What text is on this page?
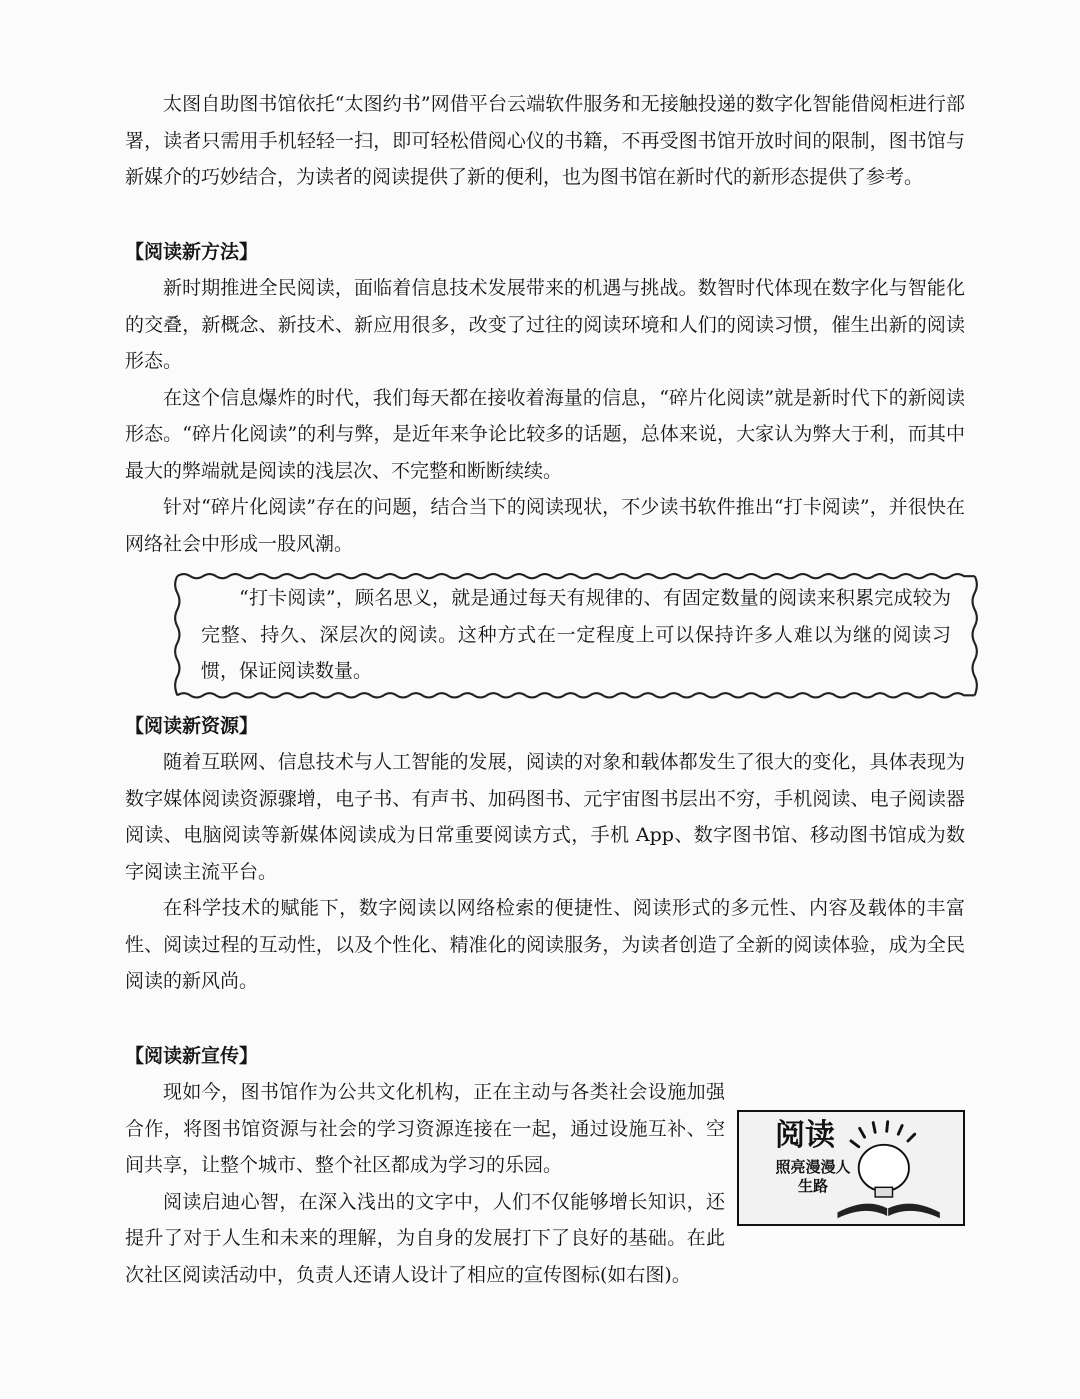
太图自助图书馆依托“太图约书”网借平台云端软件服务和无接触投递的数字化智能借阅柜进行部署，读者只需用手机轻轻一扫，即可轻松借阅心仪的书籍，不再受图书馆开放时间的限制，图书馆与新媒介的巧妙结合，为读者的阅读提供了新的便利，也为图书馆在新时代的新形态提供了参考。

【阅读新方法】

新时期推进全民阅读，面临着信息技术发展带来的机遇与挑战。数智时代体现在数字化与智能化的交叠，新概念、新技术、新应用很多，改变了过往的阅读环境和人们的阅读习惯，催生出新的阅读形态。

在这个信息爆炸的时代，我们每天都在接收着海量的信息，“碎片化阅读”就是新时代下的新阅读形态。“碎片化阅读”的利与弊，是近年来争论比较多的话题，总体来说，大家认为弊大于利，而其中最大的弊端就是阅读的浅层次、不完整和断断续续。

针对“碎片化阅读”存在的问题，结合当下的阅读现状，不少读书软件推出“打卡阅读”，并很快在网络社会中形成一股风潮。

“打卡阅读”，顾名思义，就是通过每天有规律的、有固定数量的阅读来积累完成较为完整、持久、深层次的阅读。这种方式在一定程度上可以保持许多人难以为继的阅读习惯，保证阅读数量。

【阅读新资源】

随着互联网、信息技术与人工智能的发展，阅读的对象和载体都发生了很大的变化，具体表现为数字媒体阅读资源骤增，电子书、有声书、加码图书、元宇宙图书层出不穷，手机阅读、电子阅读器阅读、电脑阅读等新媒体阅读成为日常重要阅读方式，手机 App、数字图书馆、移动图书馆成为数字阅读主流平台。

在科学技术的赋能下，数字阅读以网络检索的便捷性、阅读形式的多元性、内容及载体的丰富性、阅读过程的互动性，以及个性化、精准化的阅读服务，为读者创造了全新的阅读体验，成为全民阅读的新风尚。

【阅读新宣传】

现如今，图书馆作为公共文化机构，正在主动与各类社会设施加强合作，将图书馆资源与社会的学习资源连接在一起，通过设施互补、空间共享，让整个城市、整个社区都成为学习的乐园。

阅读启迪心智，在深入浅出的文字中，人们不仅能够增长知识，还提升了对于人生和未来的理解，为自身的发展打下了良好的基础。在此次社区阅读活动中，负责人还请人设计了相应的宣传图标(如右图)。

阅读
照亮漫漫人生路
